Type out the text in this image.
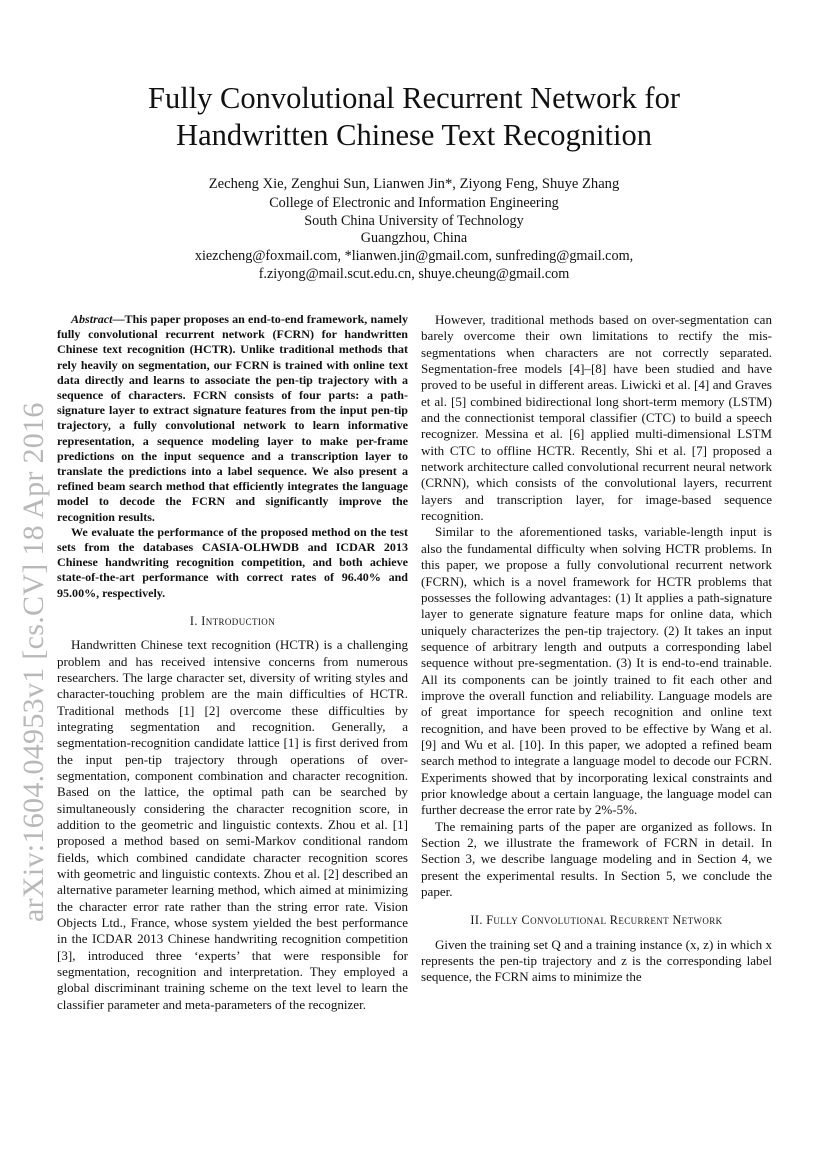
arXiv:1604.04953v1 [cs.CV] 18 Apr 2016
Fully Convolutional Recurrent Network for
Handwritten Chinese Text Recognition
Zecheng Xie, Zenghui Sun, Lianwen Jin*, Ziyong Feng, Shuye Zhang
College of Electronic and Information Engineering
South China University of Technology
Guangzhou, China
xiezcheng@foxmail.com, *lianwen.jin@gmail.com, sunfreding@gmail.com,
f.ziyong@mail.scut.edu.cn, shuye.cheung@gmail.com

Abstract—This paper proposes an end-to-end framework, namely fully convolutional recurrent network (FCRN) for handwritten Chinese text recognition (HCTR). Unlike traditional methods that rely heavily on segmentation, our FCRN is trained with online text data directly and learns to associate the pen-tip trajectory with a sequence of characters. FCRN consists of four parts: a path-signature layer to extract signature features from the input pen-tip trajectory, a fully convolutional network to learn informative representation, a sequence modeling layer to make per-frame predictions on the input sequence and a transcription layer to translate the predictions into a label sequence. We also present a refined beam search method that efficiently integrates the language model to decode the FCRN and significantly improve the recognition results.

We evaluate the performance of the proposed method on the test sets from the databases CASIA-OLHWDB and ICDAR 2013 Chinese handwriting recognition competition, and both achieve state-of-the-art performance with correct rates of 96.40% and 95.00%, respectively.

I. Introduction

Handwritten Chinese text recognition (HCTR) is a challenging problem and has received intensive concerns from numerous researchers. The large character set, diversity of writing styles and character-touching problem are the main difficulties of HCTR. Traditional methods [1] [2] overcome these difficulties by integrating segmentation and recognition. Generally, a segmentation-recognition candidate lattice [1] is first derived from the input pen-tip trajectory through operations of over-segmentation, component combination and character recognition. Based on the lattice, the optimal path can be searched by simultaneously considering the character recognition score, in addition to the geometric and linguistic contexts. Zhou et al. [1] proposed a method based on semi-Markov conditional random fields, which combined candidate character recognition scores with geometric and linguistic contexts. Zhou et al. [2] described an alternative parameter learning method, which aimed at minimizing the character error rate rather than the string error rate. Vision Objects Ltd., France, whose system yielded the best performance in the ICDAR 2013 Chinese handwriting recognition competition [3], introduced three ‘experts’ that were responsible for segmentation, recognition and interpretation. They employed a global discriminant training scheme on the text level to learn the classifier parameter and meta-parameters of the recognizer.

However, traditional methods based on over-segmentation can barely overcome their own limitations to rectify the mis-segmentations when characters are not correctly separated. Segmentation-free models [4]–[8] have been studied and have proved to be useful in different areas. Liwicki et al. [4] and Graves et al. [5] combined bidirectional long short-term memory (LSTM) and the connectionist temporal classifier (CTC) to build a speech recognizer. Messina et al. [6] applied multi-dimensional LSTM with CTC to offline HCTR. Recently, Shi et al. [7] proposed a network architecture called convolutional recurrent neural network (CRNN), which consists of the convolutional layers, recurrent layers and transcription layer, for image-based sequence recognition.

Similar to the aforementioned tasks, variable-length input is also the fundamental difficulty when solving HCTR problems. In this paper, we propose a fully convolutional recurrent network (FCRN), which is a novel framework for HCTR problems that possesses the following advantages: (1) It applies a path-signature layer to generate signature feature maps for online data, which uniquely characterizes the pen-tip trajectory. (2) It takes an input sequence of arbitrary length and outputs a corresponding label sequence without pre-segmentation. (3) It is end-to-end trainable. All its components can be jointly trained to fit each other and improve the overall function and reliability. Language models are of great importance for speech recognition and online text recognition, and have been proved to be effective by Wang et al. [9] and Wu et al. [10]. In this paper, we adopted a refined beam search method to integrate a language model to decode our FCRN. Experiments showed that by incorporating lexical constraints and prior knowledge about a certain language, the language model can further decrease the error rate by 2%-5%.

The remaining parts of the paper are organized as follows. In Section 2, we illustrate the framework of FCRN in detail. In Section 3, we describe language modeling and in Section 4, we present the experimental results. In Section 5, we conclude the paper.

II. Fully Convolutional Recurrent Network

Given the training set Q and a training instance (x, z) in which x represents the pen-tip trajectory and z is the corresponding label sequence, the FCRN aims to minimize the
